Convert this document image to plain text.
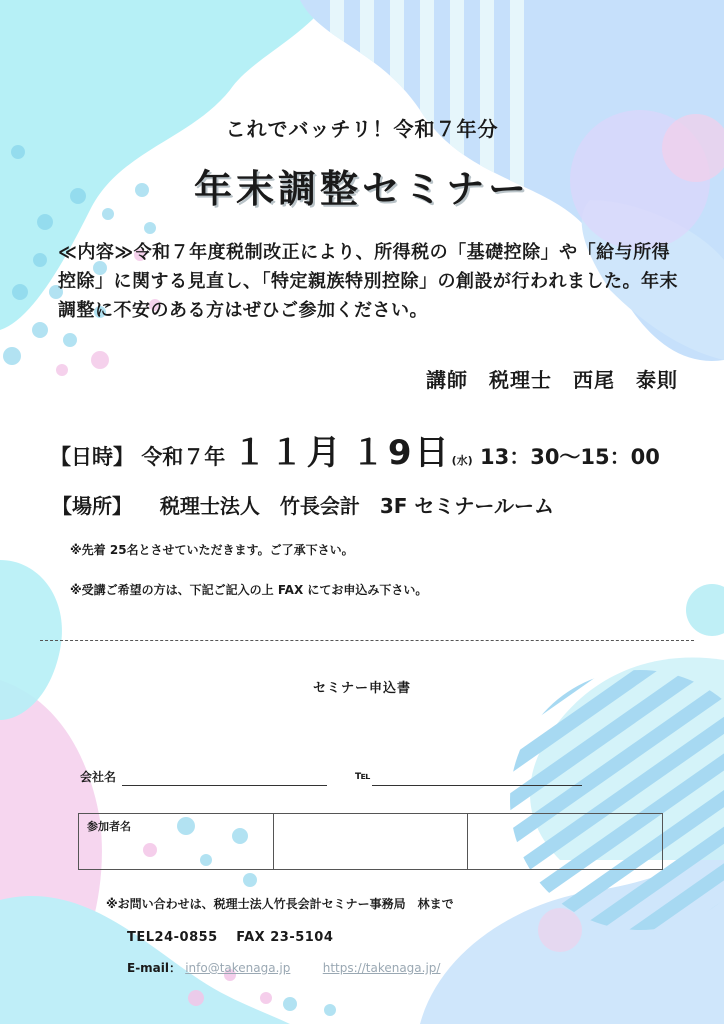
これでバッチリ！令和７年分
年末調整セミナー
≪内容≫令和７年度税制改正により、所得税の「基礎控除」や「給与所得控除」に関する見直し、「特定親族特別控除」の創設が行われました。年末調整に不安のある方はぜひご参加ください。
講師　税理士　西尾　泰則
【日時】 令和７年 １１月 １9日(水) 13：30～15：00
【場所】 税理士法人　竹長会計　3F セミナールーム
※先着 25名とさせていただきます。ご了承下さい。
※受講ご希望の方は、下記ご記入の上 FAX にてお申込み下さい。
セミナー申込書
会社名	℡
参加者名
※お問い合わせは、税理士法人竹長会計セミナー事務局　林まで
TEL24-0855　 FAX 23-5104
E-mail： info@takenaga.jp	https://takenaga.jp/
